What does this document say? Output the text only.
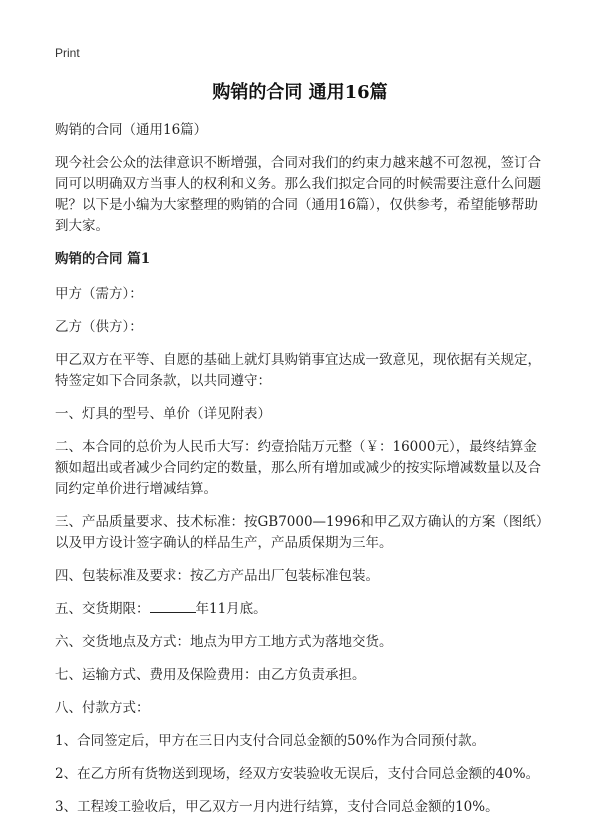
Print
购销的合同 通用16篇

购销的合同（通用16篇）

现今社会公众的法律意识不断增强，合同对我们的约束力越来越不可忽视，签订合同可以明确双方当事人的权利和义务。那么我们拟定合同的时候需要注意什么问题呢？以下是小编为大家整理的购销的合同（通用16篇），仅供参考，希望能够帮助到大家。

购销的合同 篇1

甲方（需方）：

乙方（供方）：

甲乙双方在平等、自愿的基础上就灯具购销事宜达成一致意见，现依据有关规定，特签定如下合同条款，以共同遵守：

一、灯具的型号、单价（详见附表）

二、本合同的总价为人民币大写：约壹拾陆万元整（￥：16000元），最终结算金额如超出或者减少合同约定的数量，那么所有增加或减少的按实际增减数量以及合同约定单价进行增减结算。

三、产品质量要求、技术标准：按GB7000—1996和甲乙双方确认的方案（图纸）以及甲方设计签字确认的样品生产，产品质保期为三年。

四、包装标准及要求：按乙方产品出厂包装标准包装。

五、交货期限：	年11月底。

六、交货地点及方式：地点为甲方工地方式为落地交货。

七、运输方式、费用及保险费用：由乙方负责承担。

八、付款方式：

1、合同签定后，甲方在三日内支付合同总金额的50%作为合同预付款。

2、在乙方所有货物送到现场，经双方安装验收无误后，支付合同总金额的40%。

3、工程竣工验收后，甲乙双方一月内进行结算，支付合同总金额的10%。
